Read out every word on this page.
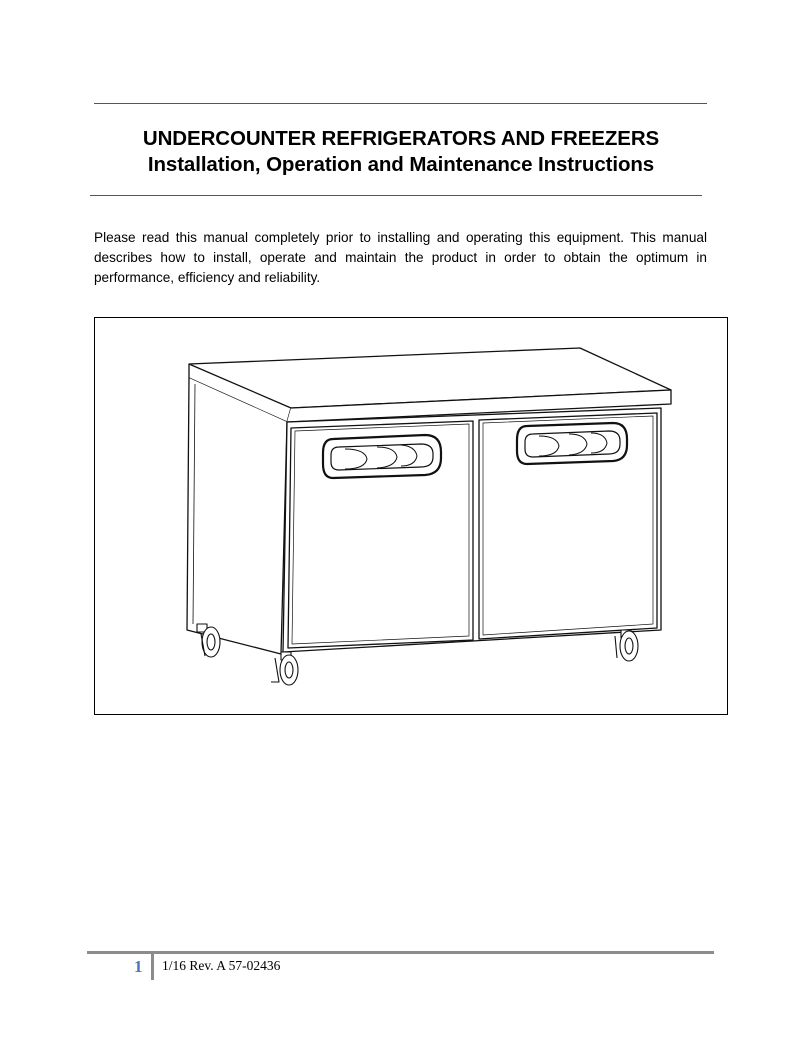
UNDERCOUNTER REFRIGERATORS AND FREEZERS
Installation, Operation and Maintenance Instructions

Please read this manual completely prior to installing and operating this equipment. This manual describes how to install, operate and maintain the product in order to obtain the optimum in performance, efficiency and reliability.

1 1/16 Rev. A 57-02436
